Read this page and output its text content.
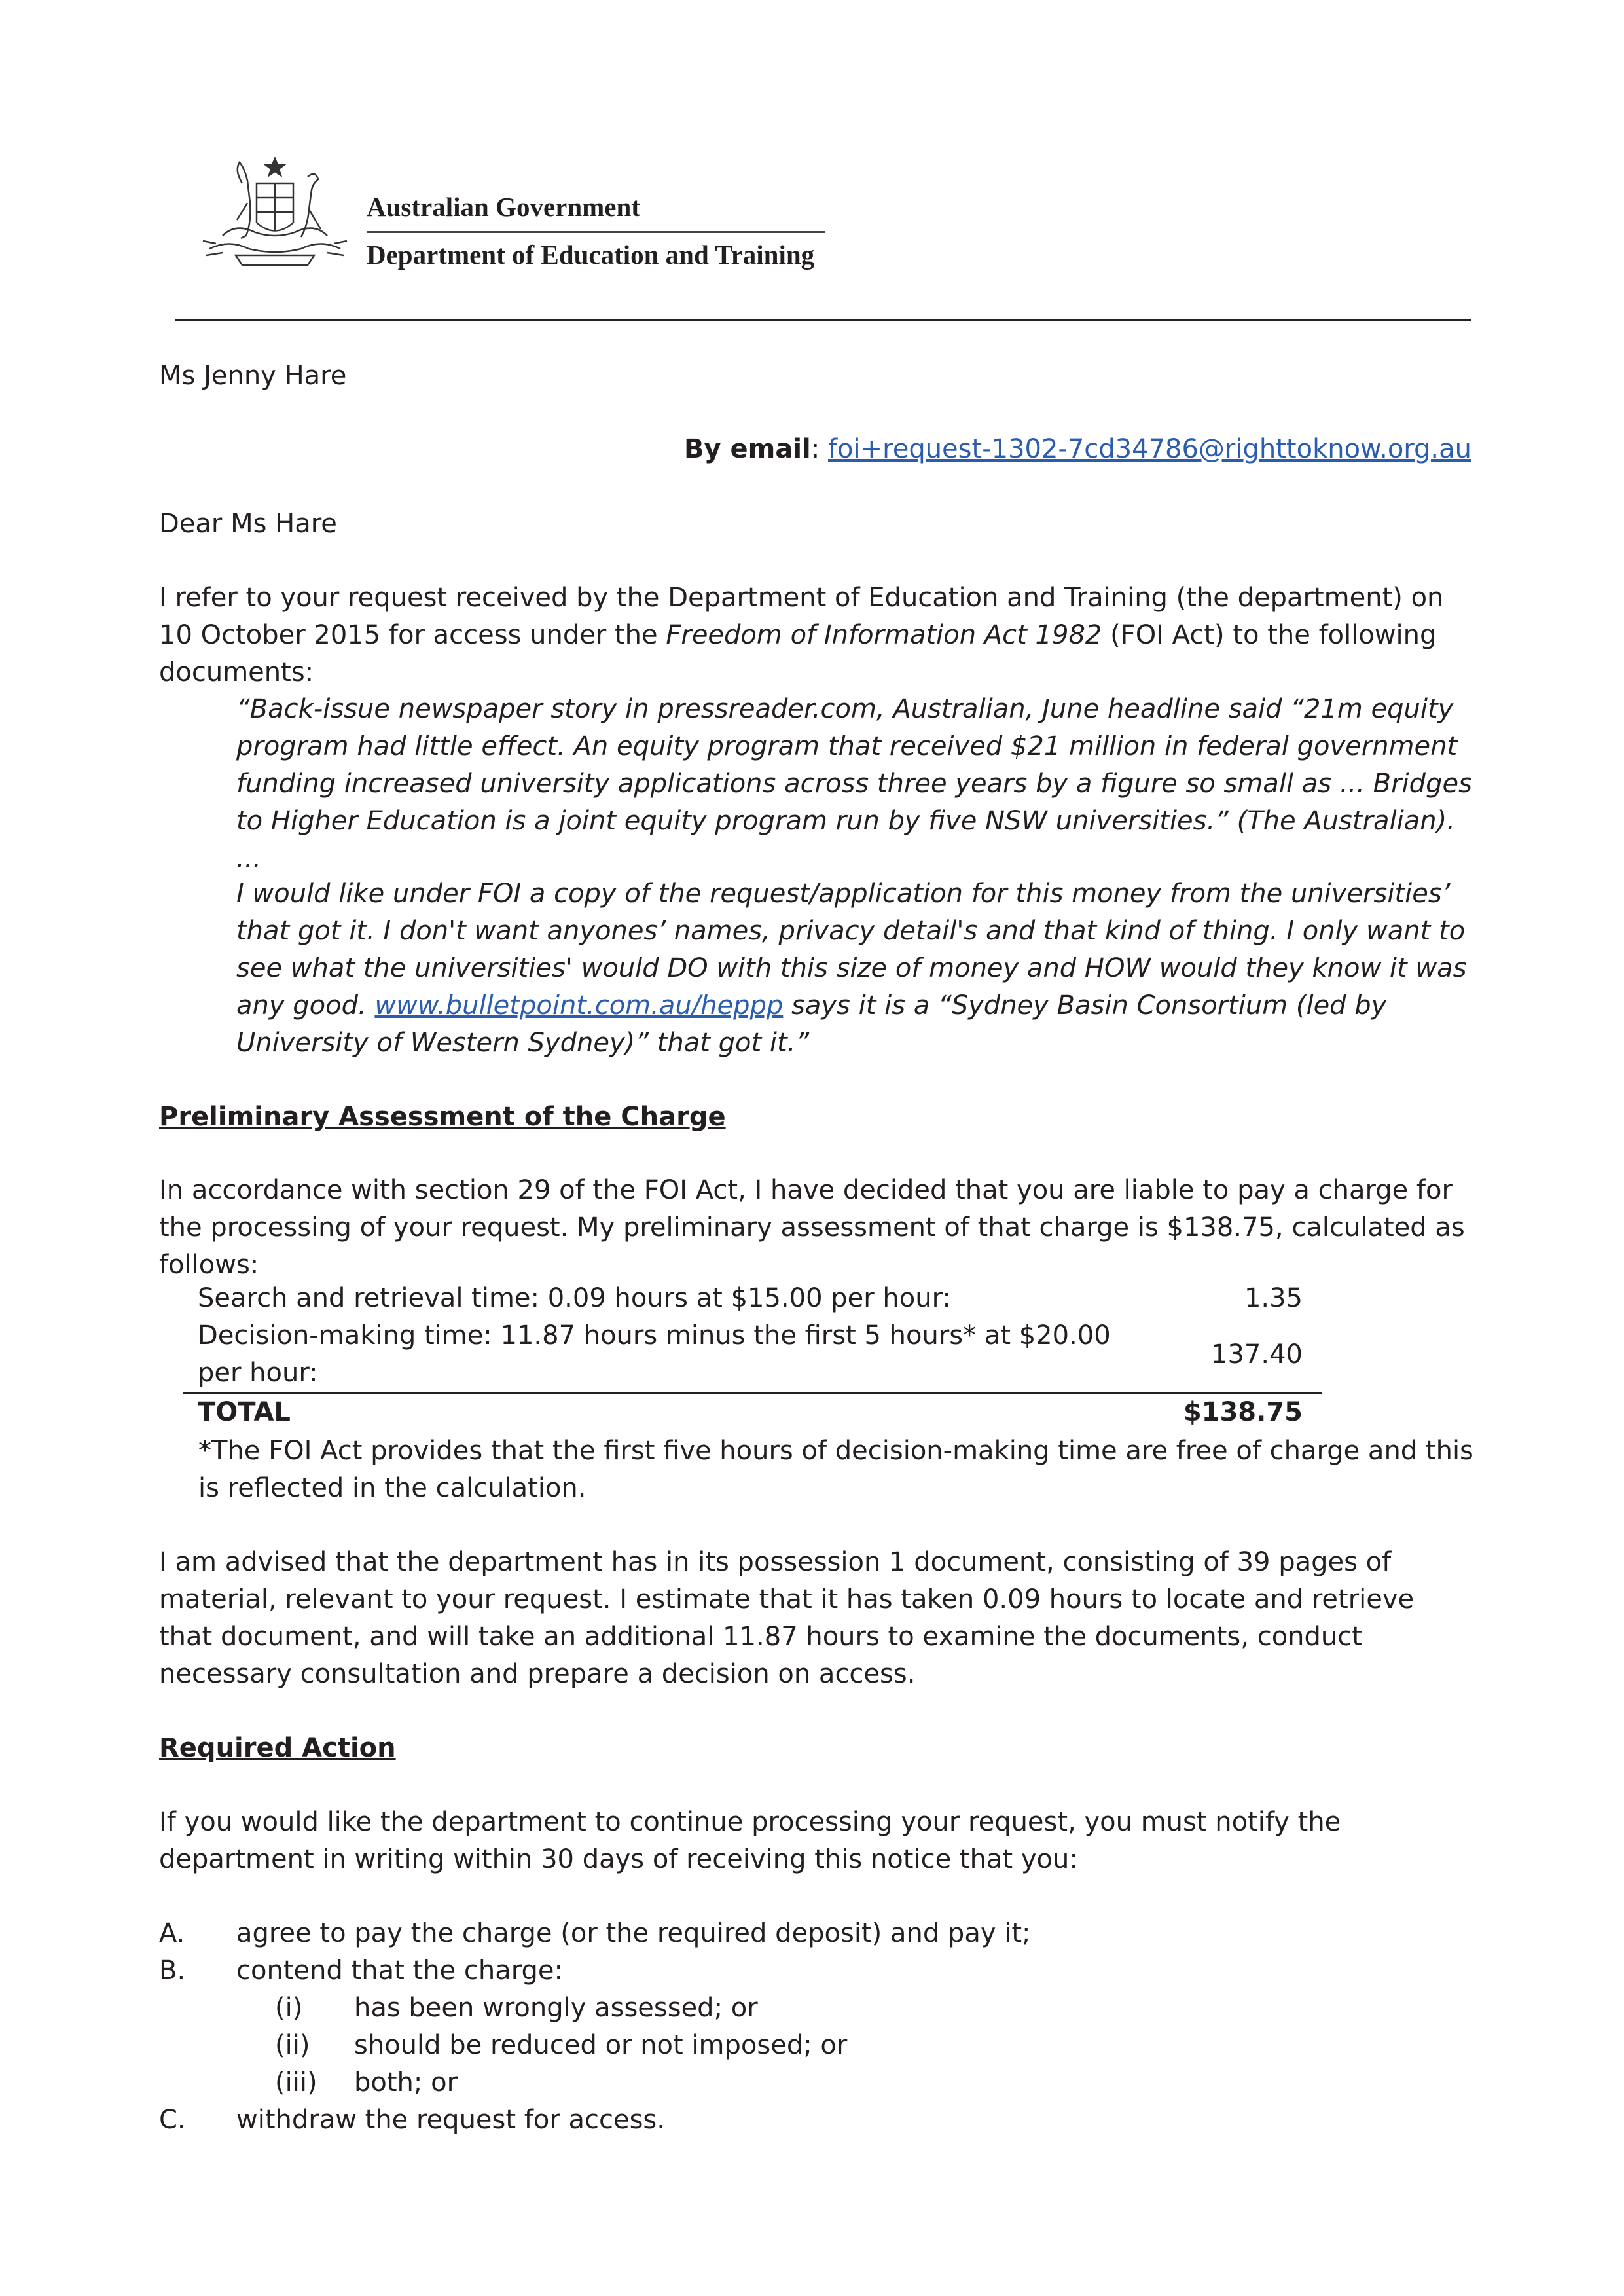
Australian Government
Department of Education and Training
Ms Jenny Hare
By email: foi+request-1302-7cd34786@righttoknow.org.au
Dear Ms Hare
I refer to your request received by the Department of Education and Training (the department) on 10 October 2015 for access under the Freedom of Information Act 1982 (FOI Act) to the following documents:
“Back-issue newspaper story in pressreader.com, Australian, June headline said “21m equity program had little effect. An equity program that received $21 million in federal government funding increased university applications across three years by a figure so small as ... Bridges to Higher Education is a joint equity program run by five NSW universities.” (The Australian). ...
I would like under FOI a copy of the request/application for this money from the universities’ that got it. I don't want anyones’ names, privacy detail's and that kind of thing. I only want to see what the universities' would DO with this size of money and HOW would they know it was any good. www.bulletpoint.com.au/heppp says it is a “Sydney Basin Consortium (led by University of Western Sydney)” that got it.”
Preliminary Assessment of the Charge
In accordance with section 29 of the FOI Act, I have decided that you are liable to pay a charge for the processing of your request. My preliminary assessment of that charge is $138.75, calculated as follows:
Search and retrieval time: 0.09 hours at $15.00 per hour:	1.35
Decision-making time: 11.87 hours minus the first 5 hours* at $20.00 per hour:	137.40
TOTAL	$138.75
*The FOI Act provides that the first five hours of decision-making time are free of charge and this is reflected in the calculation.
I am advised that the department has in its possession 1 document, consisting of 39 pages of material, relevant to your request. I estimate that it has taken 0.09 hours to locate and retrieve that document, and will take an additional 11.87 hours to examine the documents, conduct necessary consultation and prepare a decision on access.
Required Action
If you would like the department to continue processing your request, you must notify the department in writing within 30 days of receiving this notice that you:
A. agree to pay the charge (or the required deposit) and pay it;
B. contend that the charge:
(i) has been wrongly assessed; or
(ii) should be reduced or not imposed; or
(iii) both; or
C. withdraw the request for access.
